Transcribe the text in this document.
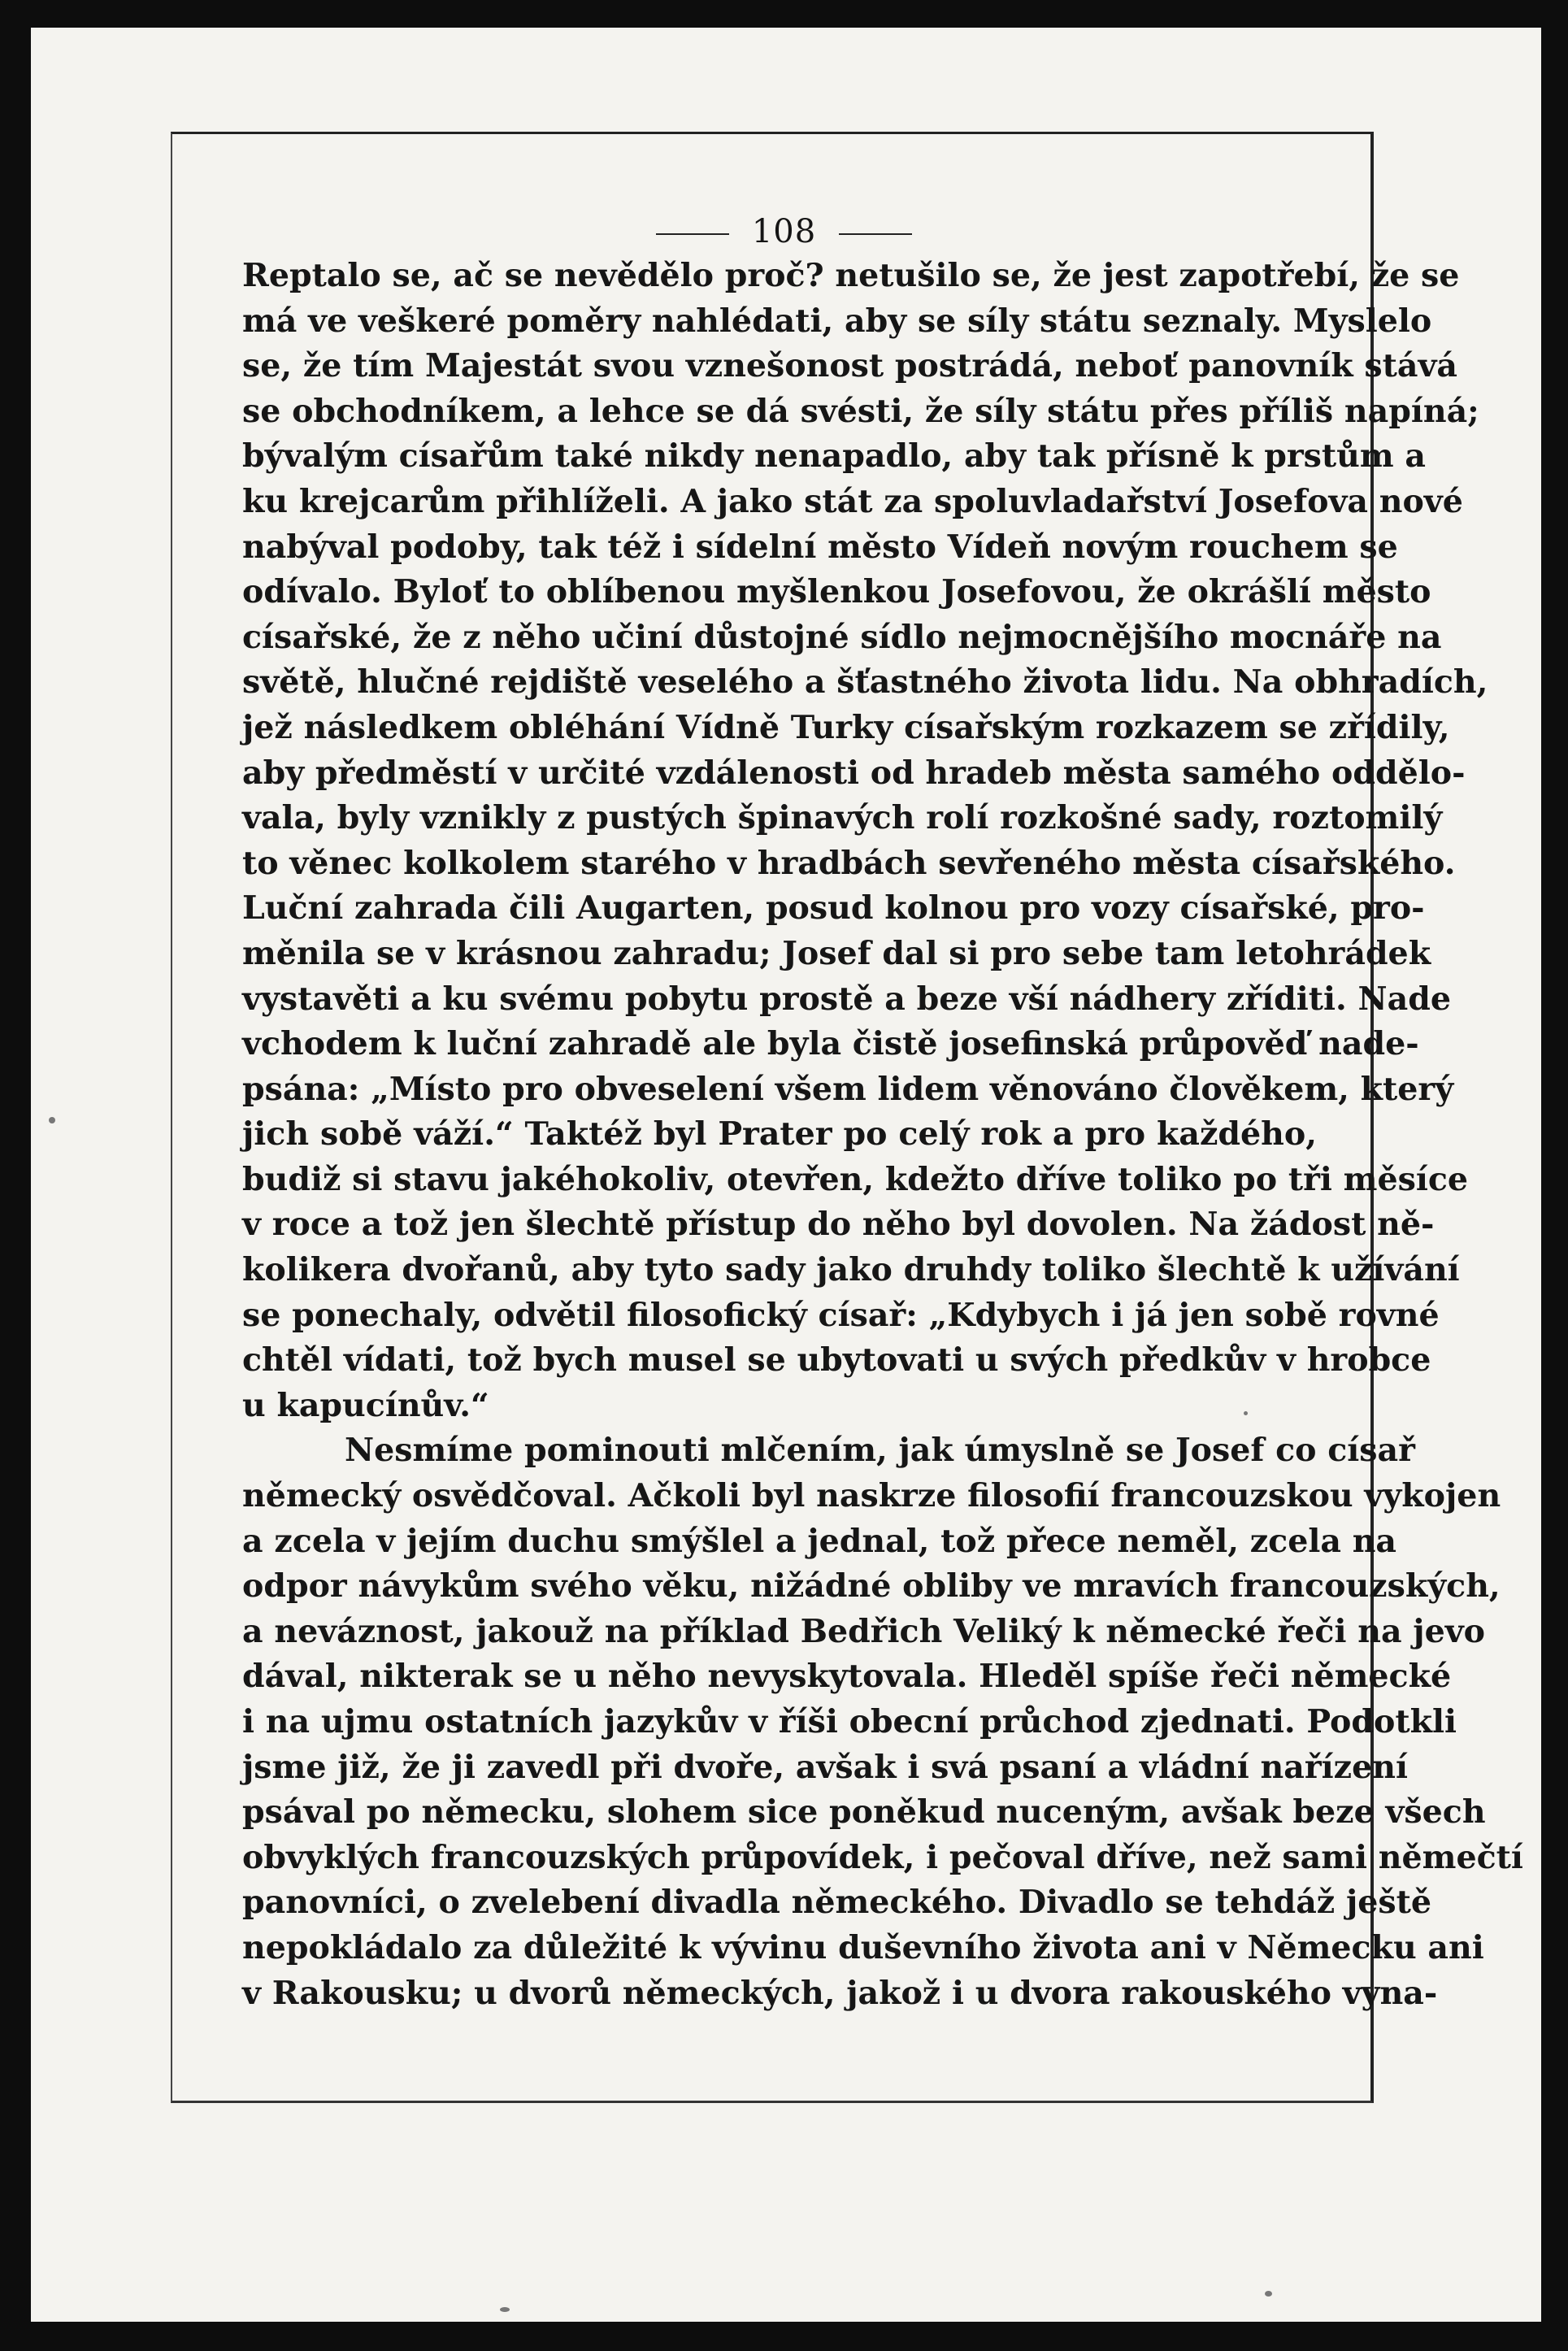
108
Reptalo se, ač se nevědělo proč? netušilo se, že jest zapotřebí, že se
má ve veškeré poměry nahlédati, aby se síly státu seznaly. Myslelo
se, že tím Majestát svou vznešonost postrádá, neboť panovník stává
se obchodníkem, a lehce se dá svésti, že síly státu přes příliš napíná;
bývalým císařům také nikdy nenapadlo, aby tak přísně k prstům a
ku krejcarům přihlíželi. A jako stát za spoluvladařství Josefova nové
nabýval podoby, tak též i sídelní město Vídeň novým rouchem se
odívalo. Byloť to oblíbenou myšlenkou Josefovou, že okrášlí město
císařské, že z něho učiní důstojné sídlo nejmocnějšího mocnáře na
světě, hlučné rejdiště veselého a šťastného života lidu. Na obhradích,
jež následkem obléhání Vídně Turky císařským rozkazem se zřídily,
aby předměstí v určité vzdálenosti od hradeb města samého oddělo-
vala, byly vznikly z pustých špinavých rolí rozkošné sady, roztomilý
to věnec kolkolem starého v hradbách sevřeného města císařského.
Luční zahrada čili Augarten, posud kolnou pro vozy císařské, pro-
měnila se v krásnou zahradu; Josef dal si pro sebe tam letohrádek
vystavěti a ku svému pobytu prostě a beze vší nádhery zříditi. Nade
vchodem k luční zahradě ale byla čistě josefinská průpověď nade-
psána: „Místo pro obveselení všem lidem věnováno člověkem, který
jich sobě váží.“ Taktéž byl Prater po celý rok a pro každého,
budiž si stavu jakéhokoliv, otevřen, kdežto dříve toliko po tři měsíce
v roce a tož jen šlechtě přístup do něho byl dovolen. Na žádost ně-
kolikera dvořanů, aby tyto sady jako druhdy toliko šlechtě k užívání
se ponechaly, odvětil filosofický císař: „Kdybych i já jen sobě rovné
chtěl vídati, tož bych musel se ubytovati u svých předkův v hrobce
u kapucínův.“
Nesmíme pominouti mlčením, jak úmyslně se Josef co císař
německý osvědčoval. Ačkoli byl naskrze filosofií francouzskou vykojen
a zcela v jejím duchu smýšlel a jednal, tož přece neměl, zcela na
odpor návykům svého věku, nižádné obliby ve mravích francouzských,
a neváznost, jakouž na příklad Bedřich Veliký k německé řeči na jevo
dával, nikterak se u něho nevyskytovala. Hleděl spíše řeči německé
i na ujmu ostatních jazykův v říši obecní průchod zjednati. Podotkli
jsme již, že ji zavedl při dvoře, avšak i svá psaní a vládní nařízení
psával po německu, slohem sice poněkud nuceným, avšak beze všech
obvyklých francouzských průpovídek, i pečoval dříve, než sami němečtí
panovníci, o zvelebení divadla německého. Divadlo se tehdáž ještě
nepokládalo za důležité k vývinu duševního života ani v Německu ani
v Rakousku; u dvorů německých, jakož i u dvora rakouského vyna-
